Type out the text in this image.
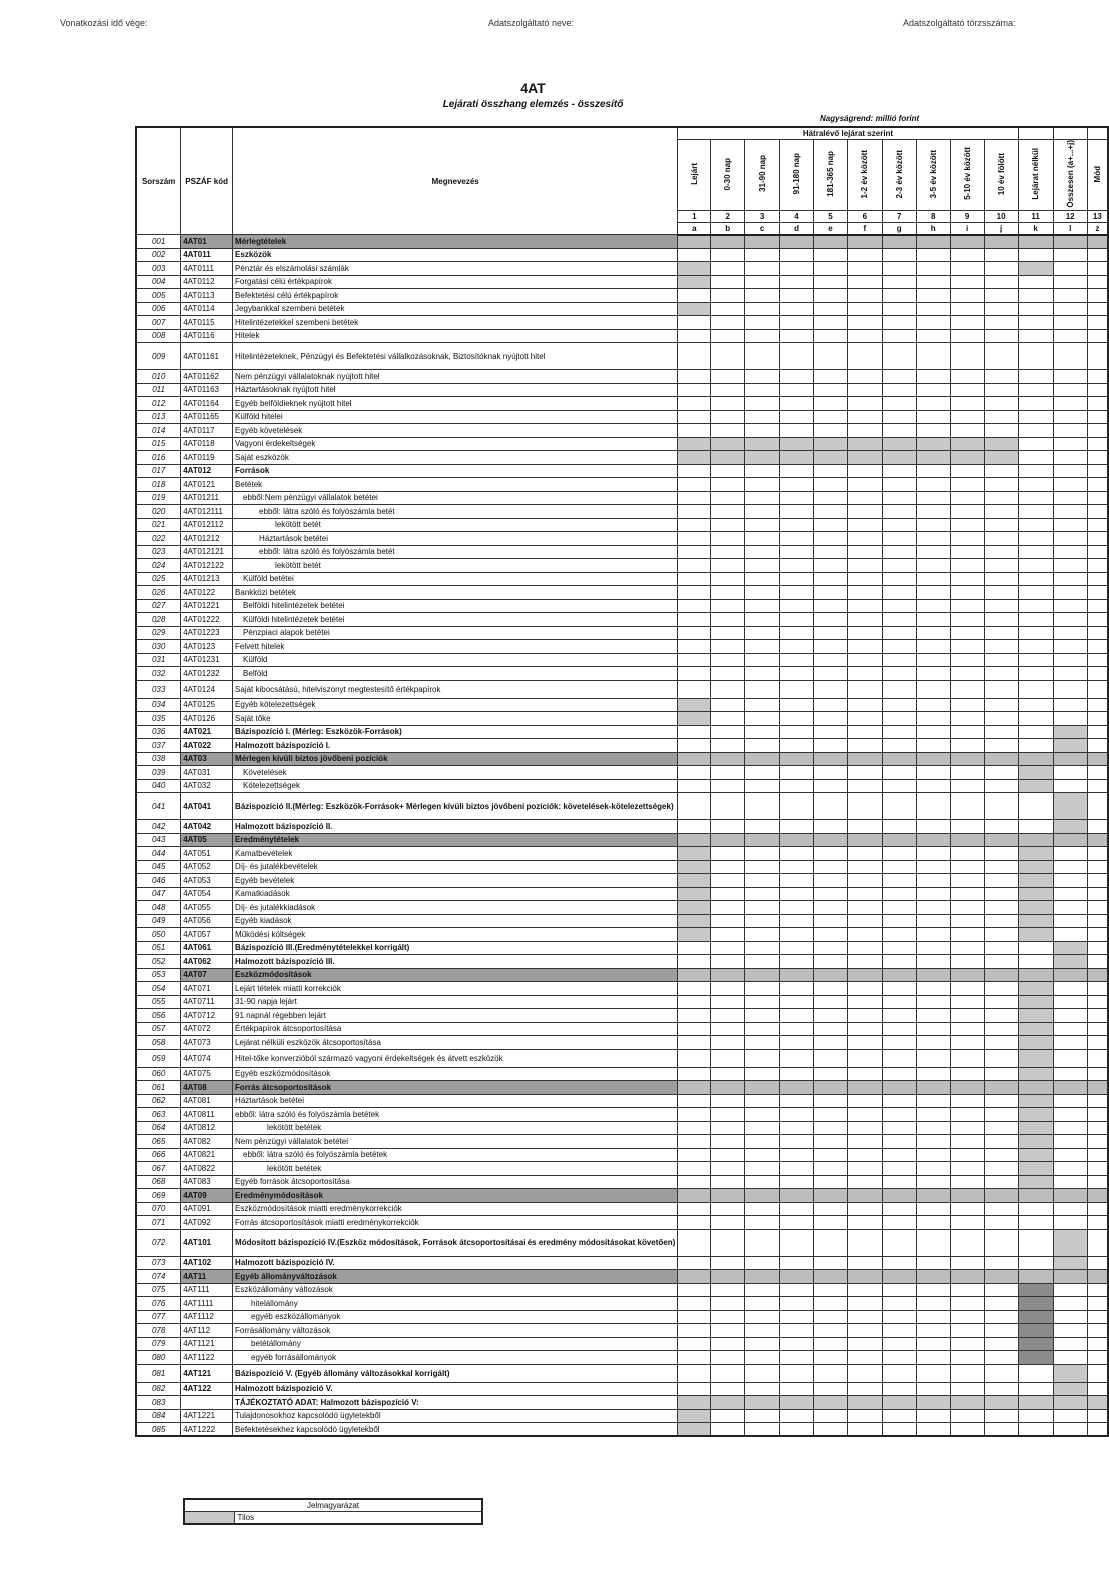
Vonatkozási idő vége:	Adatszolgáltató neve:	Adatszolgáltató törzsszáma:
4AT
Lejárati összhang elemzés - összesítő
Nagyságrend: millió forint
Sorszám	PSZÁF kód	Megnevezés	Hátralévő lejárat szerint												
			Lejárt	0-30 nap	31-90 nap	91-180 nap	181-365 nap	1-2 év között	2-3 év között	3-5 év között	5-10 év között	10 év fölött	Lejárat nélkül	Összesen (a+...+j)	Mód
			1	2	3	4	5	6	7	8	9	10	11	12	13
			a	b	c	d	e	f	g	h	i	j	k	l	z
001	4AT01	Mérlegtételek													
002	4AT011	Eszközök													
003	4AT0111	Pénztár és elszámolási számlák													
004	4AT0112	Forgatási célú értékpapírok													
005	4AT0113	Befektetési célú értékpapírok													
006	4AT0114	Jegybankkal szembeni betétek													
007	4AT0115	Hitelintézetekkel szembeni betétek													
008	4AT0116	Hitelek													
009	4AT01161	Hitelintézeteknek, Pénzügyi és Befektetési vállalkozásoknak, Biztosítóknak nyújtott hitel													
010	4AT01162	Nem pénzügyi vállalatoknak nyújtott hitel													
011	4AT01163	Háztartásoknak nyújtott hitel													
012	4AT01164	Egyéb belföldieknek nyújtott hitel													
013	4AT01165	Külföld hitelei													
014	4AT0117	Egyéb követelések													
015	4AT0118	Vagyoni érdekeltségek													
016	4AT0119	Saját eszközök													
017	4AT012	Források													
018	4AT0121	Betétek													
019	4AT01211	ebből:Nem pénzügyi vállalatok betétei													
020	4AT012111	ebből: látra szóló és folyószámla betét													
021	4AT012112	lekötött betét													
022	4AT01212	Háztartások betétei													
023	4AT012121	ebből: látra szóló és folyószámla betét													
024	4AT012122	lekötött betét													
025	4AT01213	Külföld betétei													
026	4AT0122	Bankközi betétek													
027	4AT01221	Belföldi hitelintézetek betétei													
028	4AT01222	Külföldi hitelintézetek betétei													
029	4AT01223	Pénzpiaci alapok betétei													
030	4AT0123	Felvett hitelek													
031	4AT01231	Külföld													
032	4AT01232	Belföld													
033	4AT0124	Saját kibocsátású, hitelviszonyt megtestesítő értékpapírok													
034	4AT0125	Egyéb kötelezettségek													
035	4AT0126	Saját tőke													
036	4AT021	Bázispozíció I. (Mérleg: Eszközök-Források)													
037	4AT022	Halmozott bázispozíció I.													
038	4AT03	Mérlegen kívüli biztos jövőbeni pozíciók													
039	4AT031	Követelések													
040	4AT032	Kötelezettségek													
041	4AT041	Bázispozíció II.(Mérleg: Eszközök-Források+ Mérlegen kívüli biztos jövőbeni pozíciók: követelések-kötelezettségek)													
042	4AT042	Halmozott bázispozíció II.													
043	4AT05	Eredménytételek													
044	4AT051	Kamatbevételek													
045	4AT052	Díj- és jutalékbevételek													
046	4AT053	Egyéb bevételek													
047	4AT054	Kamatkiadások													
048	4AT055	Díj- és jutalékkiadások													
049	4AT056	Egyéb kiadások													
050	4AT057	Működési költségek													
051	4AT061	Bázispozíció III.(Eredménytételekkel korrigált)													
052	4AT062	Halmozott bázispozíció III.													
053	4AT07	Eszközmódosítások													
054	4AT071	Lejárt tételek miatti korrekciók													
055	4AT0711	31-90 napja lejárt													
056	4AT0712	91 napnál régebben lejárt													
057	4AT072	Értékpapírok átcsoportosítása													
058	4AT073	Lejárat nélküli eszközök átcsoportosítása													
059	4AT074	Hitel-tőke konverzióból származó vagyoni érdekeltségek és átvett eszközök													
060	4AT075	Egyéb eszközmódosítások													
061	4AT08	Forrás átcsoportosítások													
062	4AT081	Háztartások betétei													
063	4AT0811	ebből: látra szóló és folyószámla betétek													
064	4AT0812	lekötött betétek													
065	4AT082	Nem pénzügyi vállalatok betétei													
066	4AT0821	ebből: látra szóló és folyószámla betétek													
067	4AT0822	lekötött betétek													
068	4AT083	Egyéb források átcsoportosítása													
069	4AT09	Eredménymódosítások													
070	4AT091	Eszközmódosítások miatti eredménykorrekciók													
071	4AT092	Forrás átcsoportosítások miatti eredménykorrekciók													
072	4AT101	Módosított bázispozíció IV.(Eszköz módosítások, Források átcsoportosításai és eredmény módosításokat követően)													
073	4AT102	Halmozott bázispozíció IV.													
074	4AT11	Egyéb állományváltozások													
075	4AT111	Eszközállomány változások													
076	4AT1111	hitelállomány													
077	4AT1112	egyéb eszközállományok													
078	4AT112	Forrásállomány változások													
079	4AT1121	betétállomány													
080	4AT1122	egyéb forrásállományok													
081	4AT121	Bázispozíció V. (Egyéb állomány változásokkal korrigált)													
082	4AT122	Halmozott bázispozíció V.													
083		TÁJÉKOZTATÓ ADAT: Halmozott bázispozíció V:													
084	4AT1221	Tulajdonosokhoz kapcsolódó ügyletekből													
085	4AT1222	Befektetésekhez kapcsolódó ügyletekből													
Jelmagyarázat
	Tilos
